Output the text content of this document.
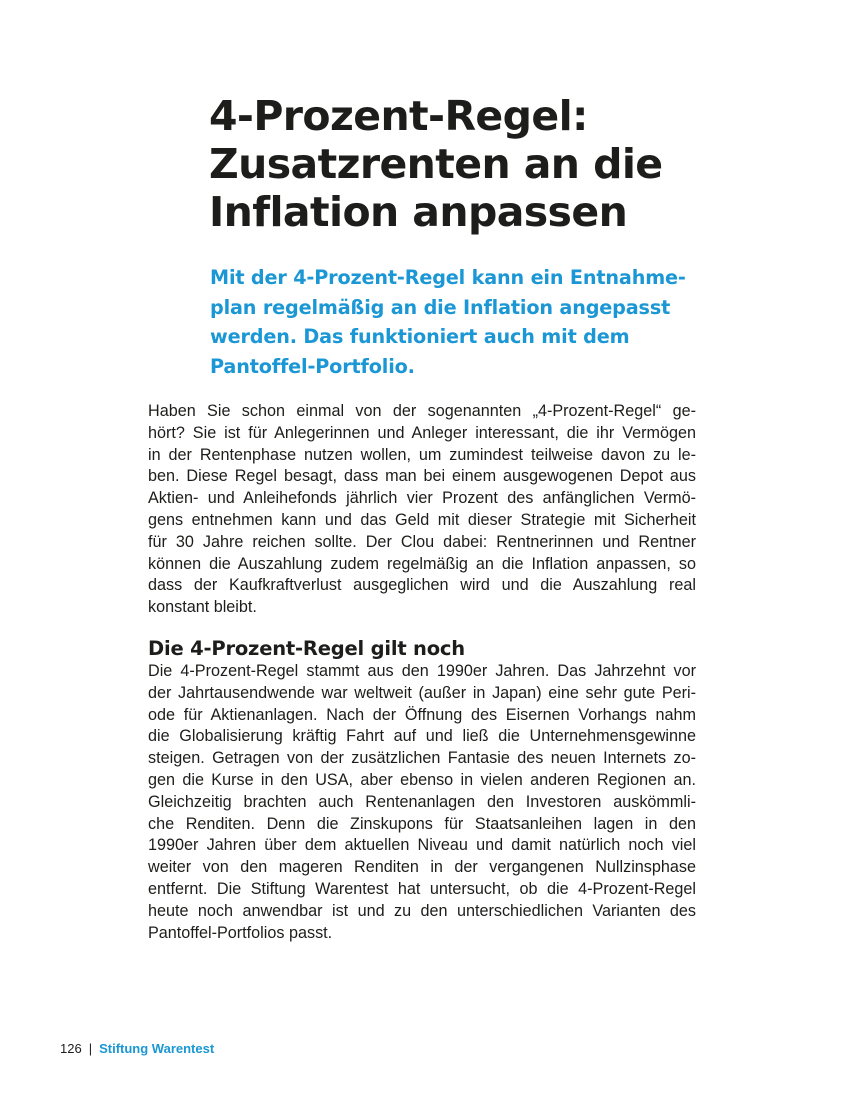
4-Prozent-Regel:
Zusatzrenten an die
Inflation anpassen

Mit der 4-Prozent-Regel kann ein Entnahme-
plan regelmäßig an die Inflation angepasst
werden. Das funktioniert auch mit dem
Pantoffel-Portfolio.

Haben Sie schon einmal von der sogenannten „4-Prozent-Regel“ ge-
hört? Sie ist für Anlegerinnen und Anleger interessant, die ihr Vermögen
in der Rentenphase nutzen wollen, um zumindest teilweise davon zu le-
ben. Diese Regel besagt, dass man bei einem ausgewogenen Depot aus
Aktien- und Anleihefonds jährlich vier Prozent des anfänglichen Vermö-
gens entnehmen kann und das Geld mit dieser Strategie mit Sicherheit
für 30 Jahre reichen sollte. Der Clou dabei: Rentnerinnen und Rentner
können die Auszahlung zudem regelmäßig an die Inflation anpassen, so
dass der Kaufkraftverlust ausgeglichen wird und die Auszahlung real
konstant bleibt.

Die 4-Prozent-Regel gilt noch

Die 4-Prozent-Regel stammt aus den 1990er Jahren. Das Jahrzehnt vor
der Jahrtausendwende war weltweit (außer in Japan) eine sehr gute Peri-
ode für Aktienanlagen. Nach der Öffnung des Eisernen Vorhangs nahm
die Globalisierung kräftig Fahrt auf und ließ die Unternehmensgewinne
steigen. Getragen von der zusätzlichen Fantasie des neuen Internets zo-
gen die Kurse in den USA, aber ebenso in vielen anderen Regionen an.
Gleichzeitig brachten auch Rentenanlagen den Investoren auskömmli-
che Renditen. Denn die Zinskupons für Staatsanleihen lagen in den
1990er Jahren über dem aktuellen Niveau und damit natürlich noch viel
weiter von den mageren Renditen in der vergangenen Nullzinsphase
entfernt. Die Stiftung Warentest hat untersucht, ob die 4-Prozent-Regel
heute noch anwendbar ist und zu den unterschiedlichen Varianten des
Pantoffel-Portfolios passt.

126 | Stiftung Warentest
